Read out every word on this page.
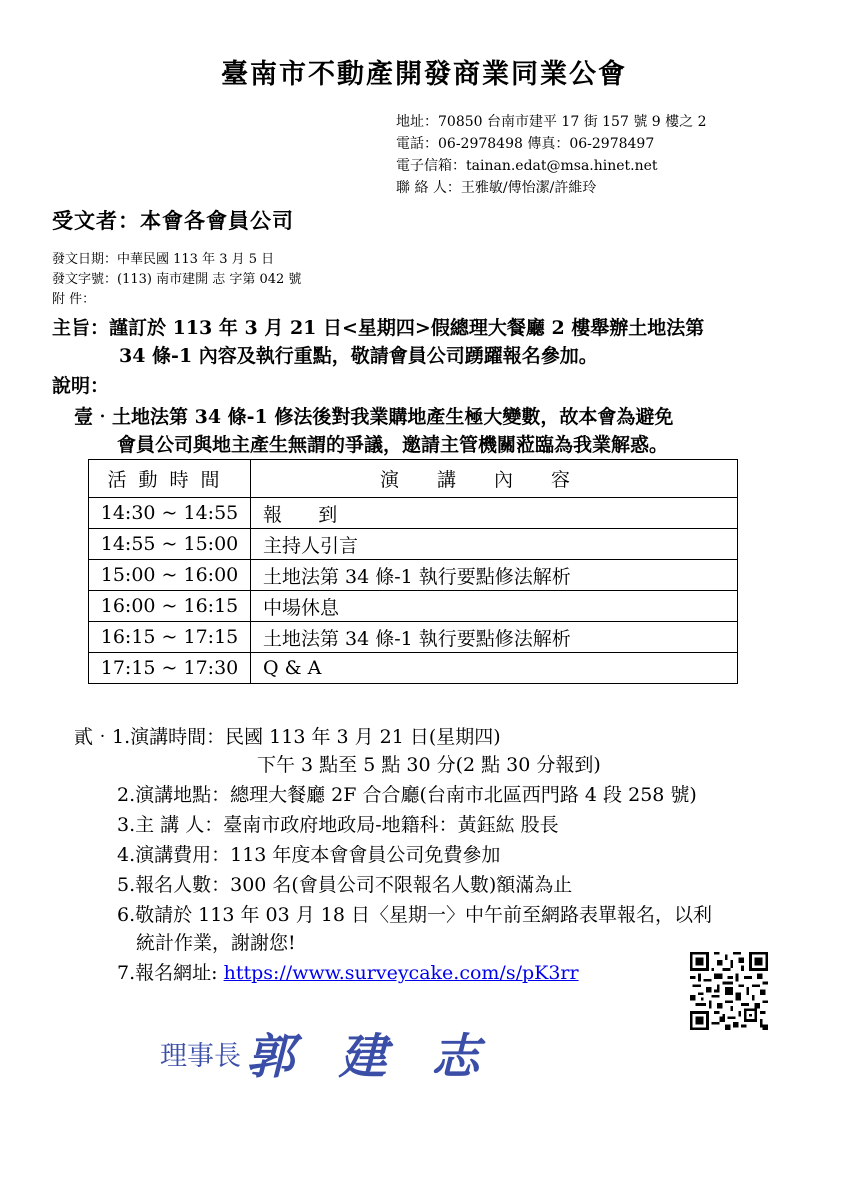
臺南市不動產開發商業同業公會
地址：70850 台南市建平 17 街 157 號 9 樓之 2
電話：06-2978498 傳真：06-2978497
電子信箱：tainan.edat@msa.hinet.net
聯 絡 人：王雅敏/傅怡潔/許維玲
受文者：本會各會員公司
發文日期：中華民國 113 年 3 月 5 日
發文字號：(113) 南市建開 志 字第 042 號
附 件：
主旨：謹訂於 113 年 3 月 21 日<星期四>假總理大餐廳 2 樓舉辦土地法第
34 條-1 內容及執行重點，敬請會員公司踴躍報名參加。
說明：
壹‧土地法第 34 條-1 修法後對我業購地產生極大變數，故本會為避免
會員公司與地主產生無謂的爭議，邀請主管機關蒞臨為我業解惑。
活動時間	演講內容
14:30 ~ 14:55	報      到
14:55 ~ 15:00	主持人引言
15:00 ~ 16:00	土地法第 34 條-1 執行要點修法解析
16:00 ~ 16:15	中場休息
16:15 ~ 17:15	土地法第 34 條-1 執行要點修法解析
17:15 ~ 17:30	Q & A
貳‧1.演講時間：民國 113 年 3 月 21 日(星期四)
下午 3 點至 5 點 30 分(2 點 30 分報到)
2.演講地點：總理大餐廳 2F 合合廳(台南市北區西門路 4 段 258 號)
3.主 講 人：臺南市政府地政局-地籍科：黃鈺紘 股長
4.演講費用：113 年度本會會員公司免費參加
5.報名人數：300 名(會員公司不限報名人數)額滿為止
6.敬請於 113 年 03 月 18 日〈星期一〉中午前至網路表單報名，以利
統計作業，謝謝您!
7.報名網址: https://www.surveycake.com/s/pK3rr
理事長 郭 建 志
